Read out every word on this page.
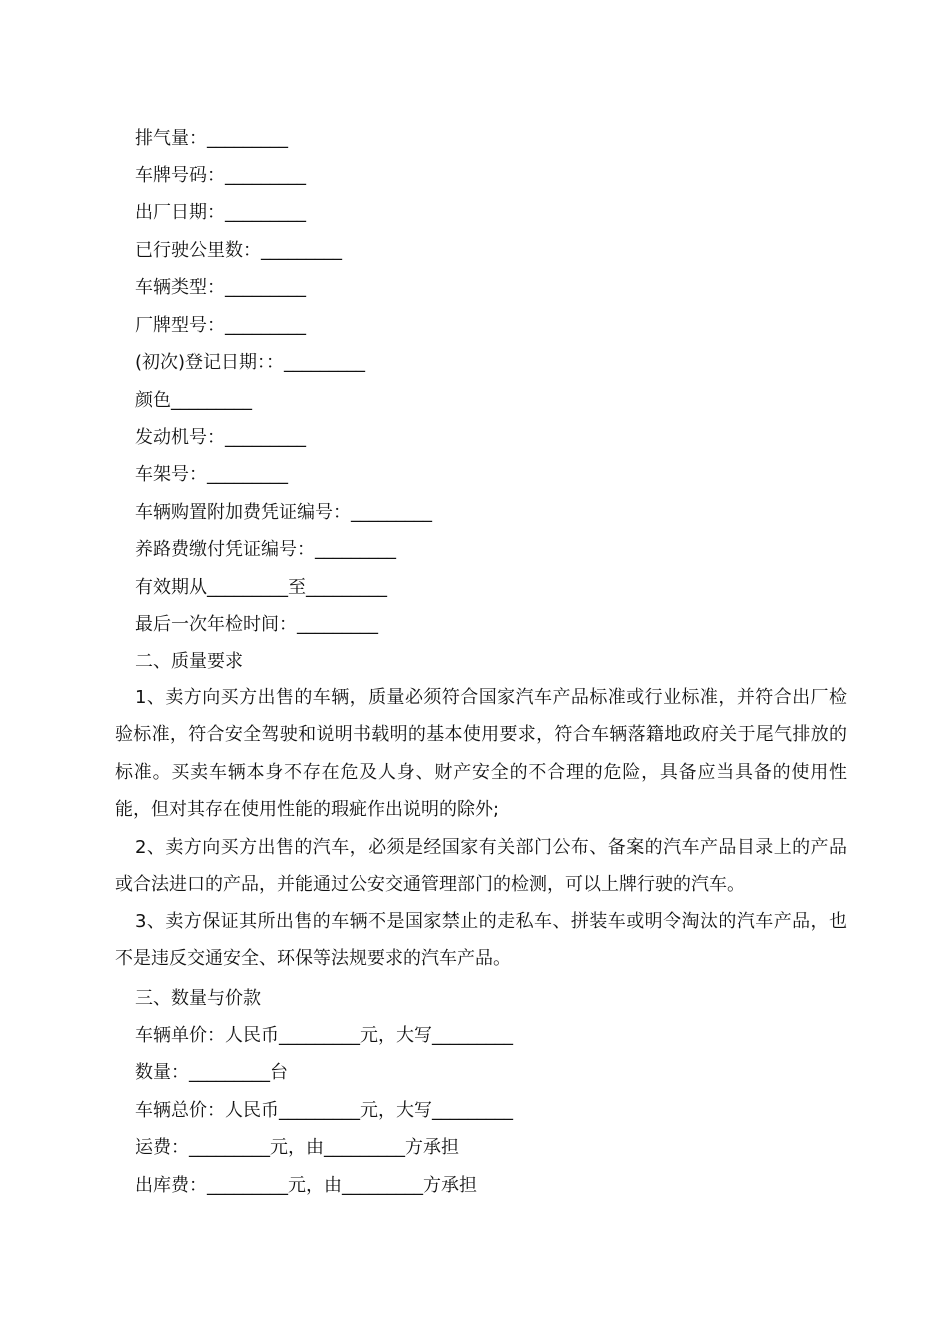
排气量：_________
车牌号码：_________
出厂日期：_________
已行驶公里数：_________
车辆类型：_________
厂牌型号：_________
(初次)登记日期：：_________
颜色_________
发动机号：_________
车架号：_________
车辆购置附加费凭证编号：_________
养路费缴付凭证编号：_________
有效期从_________至_________
最后一次年检时间：_________
二、质量要求
1、卖方向买方出售的车辆，质量必须符合国家汽车产品标准或行业标准，并符合出厂检验标准，符合安全驾驶和说明书载明的基本使用要求，符合车辆落籍地政府关于尾气排放的标准。买卖车辆本身不存在危及人身、财产安全的不合理的危险，具备应当具备的使用性能，但对其存在使用性能的瑕疵作出说明的除外;
2、卖方向买方出售的汽车，必须是经国家有关部门公布、备案的汽车产品目录上的产品或合法进口的产品，并能通过公安交通管理部门的检测，可以上牌行驶的汽车。
3、卖方保证其所出售的车辆不是国家禁止的走私车、拼装车或明令淘汰的汽车产品，也不是违反交通安全、环保等法规要求的汽车产品。
三、数量与价款
车辆单价：人民币_________元，大写_________
数量：_________台
车辆总价：人民币_________元，大写_________
运费：_________元，由_________方承担
出库费：_________元，由_________方承担
